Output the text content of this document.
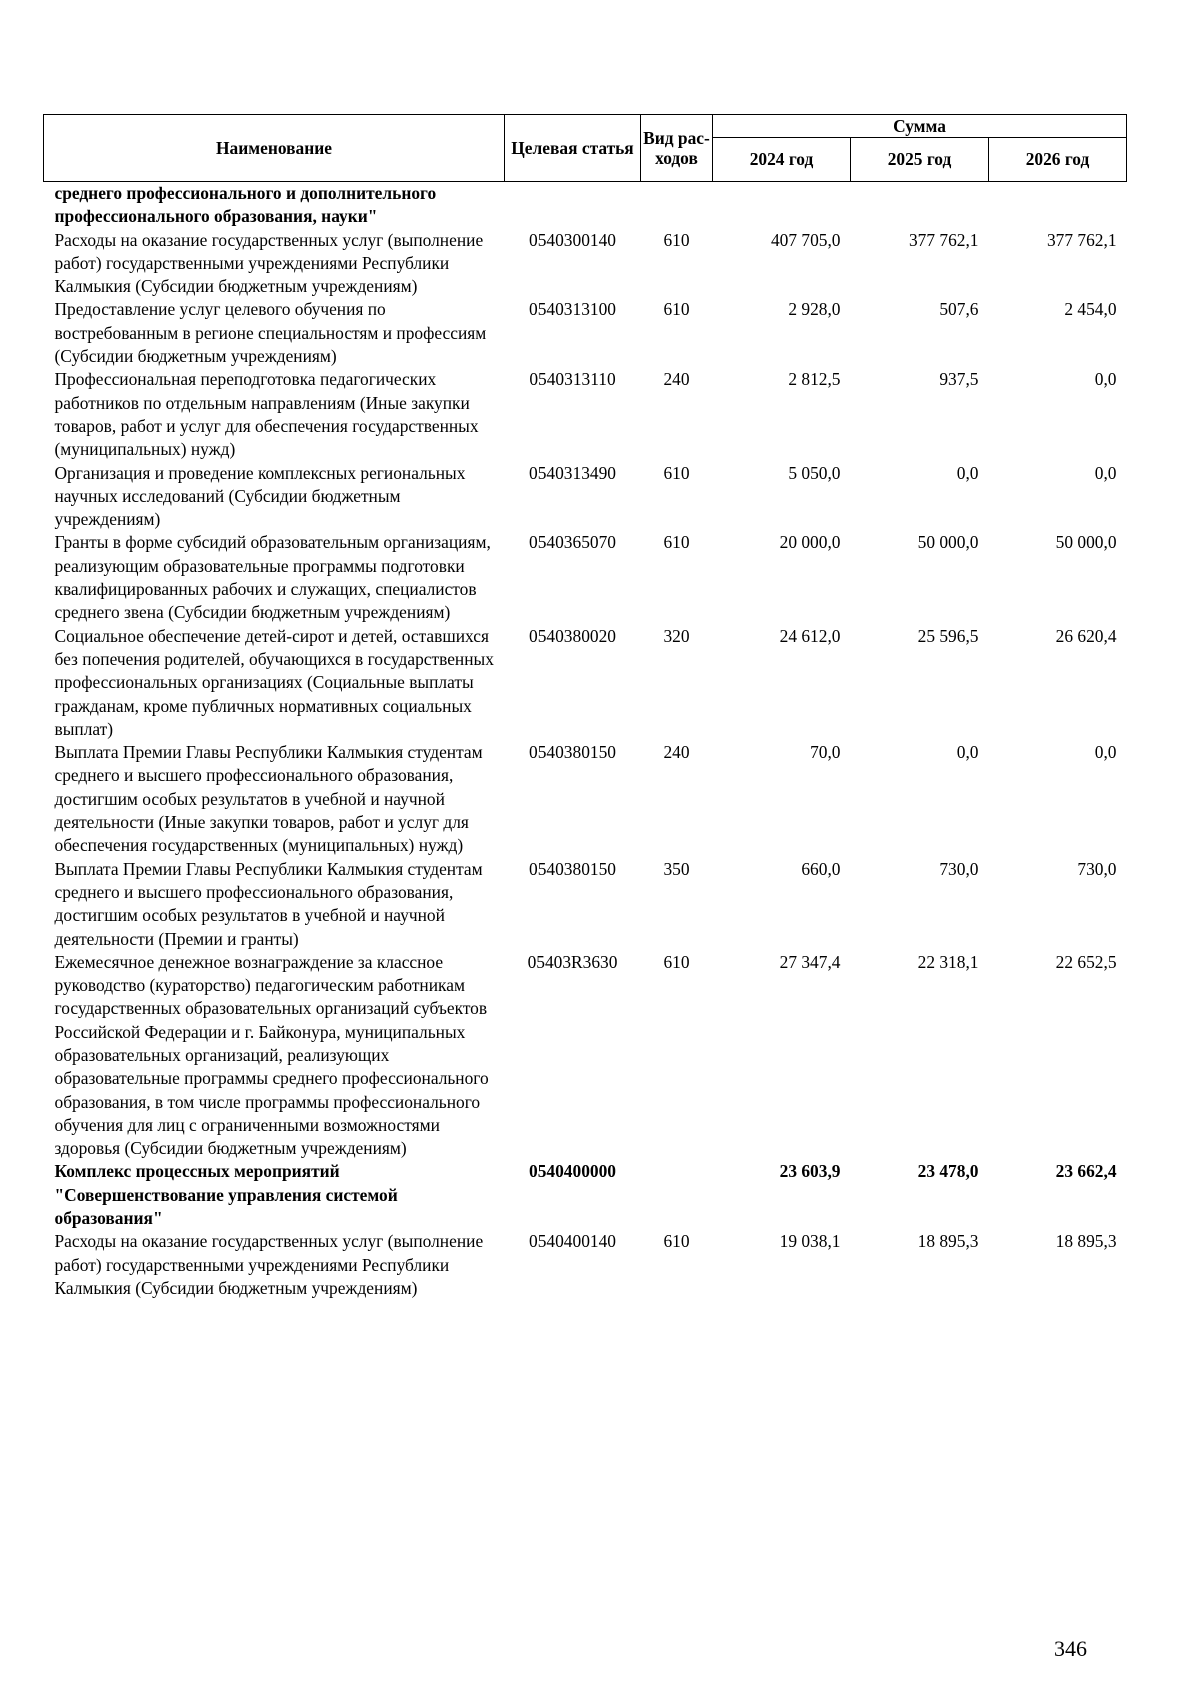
Наименование	Целевая статья	Вид рас-ходов	Сумма		
			2024 год	2025 год	2026 год
среднего профессионального и дополнительного профессионального образования, науки"					
Расходы на оказание государственных услуг (выполнение работ) государственными учреждениями Республики Калмыкия (Субсидии бюджетным учреждениям)	0540300140	610	407 705,0	377 762,1	377 762,1
Предоставление услуг целевого обучения по востребованным в регионе специальностям и профессиям (Субсидии бюджетным учреждениям)	0540313100	610	2 928,0	507,6	2 454,0
Профессиональная переподготовка педагогических работников по отдельным направлениям (Иные закупки товаров, работ и услуг для обеспечения государственных (муниципальных) нужд)	0540313110	240	2 812,5	937,5	0,0
Организация и проведение комплексных региональных научных исследований (Субсидии бюджетным учреждениям)	0540313490	610	5 050,0	0,0	0,0
Гранты в форме субсидий образовательным организациям, реализующим образовательные программы подготовки квалифицированных рабочих и служащих, специалистов среднего звена (Субсидии бюджетным учреждениям)	0540365070	610	20 000,0	50 000,0	50 000,0
Социальное обеспечение детей-сирот и детей, оставшихся без попечения родителей, обучающихся в государственных профессиональных организациях (Социальные выплаты гражданам, кроме публичных нормативных социальных выплат)	0540380020	320	24 612,0	25 596,5	26 620,4
Выплата Премии Главы Республики Калмыкия студентам среднего и высшего профессионального образования, достигшим особых результатов в учебной и научной деятельности (Иные закупки товаров, работ и услуг для обеспечения государственных (муниципальных) нужд)	0540380150	240	70,0	0,0	0,0
Выплата Премии Главы Республики Калмыкия студентам среднего и высшего профессионального образования, достигшим особых результатов в учебной и научной деятельности (Премии и гранты)	0540380150	350	660,0	730,0	730,0
Ежемесячное денежное вознаграждение за классное руководство (кураторство) педагогическим работникам государственных образовательных организаций субъектов Российской Федерации и г. Байконура, муниципальных образовательных организаций, реализующих образовательные программы среднего профессионального образования, в том числе программы профессионального обучения для лиц с ограниченными возможностями здоровья (Субсидии бюджетным учреждениям)	05403R3630	610	27 347,4	22 318,1	22 652,5
Комплекс процессных мероприятий "Совершенствование управления системой образования"	0540400000		23 603,9	23 478,0	23 662,4
Расходы на оказание государственных услуг (выполнение работ) государственными учреждениями Республики Калмыкия (Субсидии бюджетным учреждениям)	0540400140	610	19 038,1	18 895,3	18 895,3
346
